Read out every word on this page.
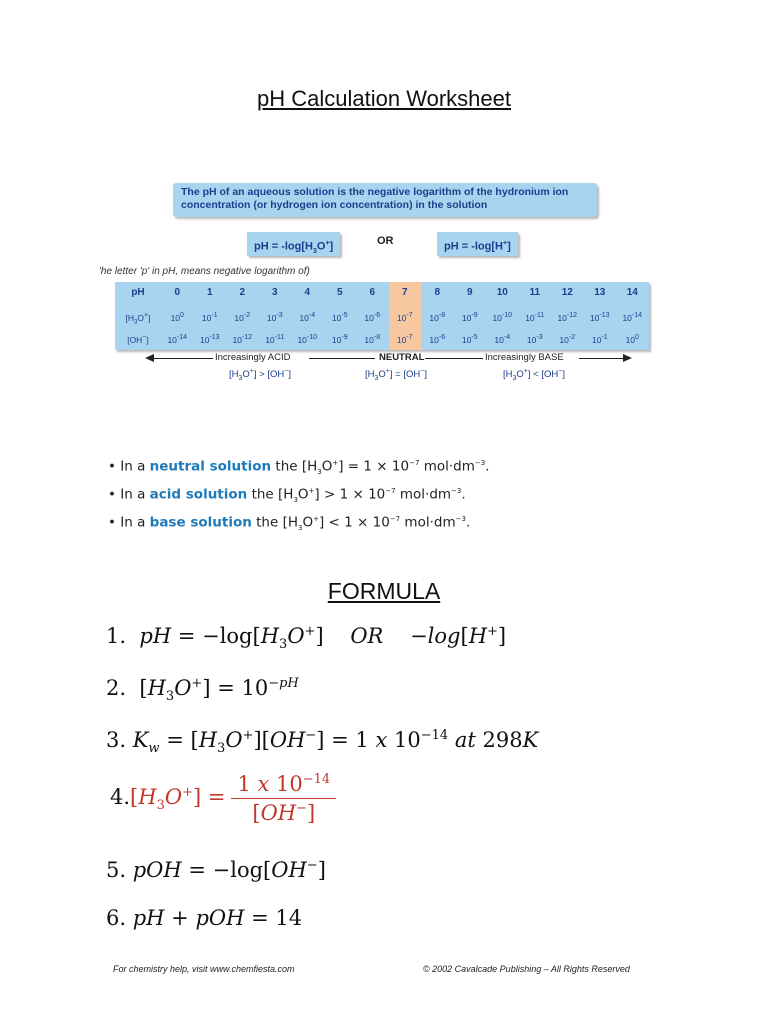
pH Calculation Worksheet
The pH of an aqueous solution is the negative logarithm of the hydronium ion concentration (or hydrogen ion concentration) in the solution
pH = $-\log[H_3O^+]$	OR	pH = -log[H+]
'he letter 'p' in pH, means negative logarithm of)
pH	0	1	2	3	4	5	6	7	8	9	10	11	12	13	14
$[H_3O^+]$	$10^0$	$10^{-1}$	$10^{-2}$	$10^{-3}$	$10^{-4}$	$10^{-5}$	$10^{-6}$	$10^{-7}$	$10^{-8}$	$10^{-9}$	$10^{-10}$	$10^{-11}$	$10^{-12}$	$10^{-13}$	$10^{-14}$
[OH−]	$10^{-14}$	$10^{-13}$	$10^{-12}$	$10^{-11}$	$10^{-10}$	$10^{-9}$	$10^{-8}$	$10^{-7}$	$10^{-6}$	$10^{-5}$	$10^{-4}$	$10^{-3}$	$10^{-2}$	$10^{-1}$	$10^0$
Increasingly ACID	NEUTRAL	Increasingly BASE
$[H_3O^+] > [OH^-]$	$[H_3O^+] = [OH^-]$	$[H_3O^+] < [OH^-]$
• In a neutral solution the $[H_3O^+] = 1 \times 10^{-7}$ $mol\cdot dm^{-3}$.
• In a acid solution the $[H_3O^+] > 1 \times 10^{-7}$ $mol\cdot dm^{-3}$.
• In a base solution the $[H_3O^+] < 1 \times 10^{-7}$ $mol\cdot dm^{-3}$.
FORMULA
1.  pH = $-\log[H_3O^+]$    OR    −log[H+]
2.  $[H_3O^+] = 10^{-pH}$
3. $K_w = [H_3O^+][OH^-] = 1$ x $10^{-14}$ at 298K
$4.[H_3O^+] = \frac{1 x 10^{-14}}{[OH^-]}$
5. pOH = −log[OH−]
6. pH + pOH = 14
For chemistry help, visit www.chemfiesta.com	© 2002 Cavalcade Publishing – All Rights Reserved
